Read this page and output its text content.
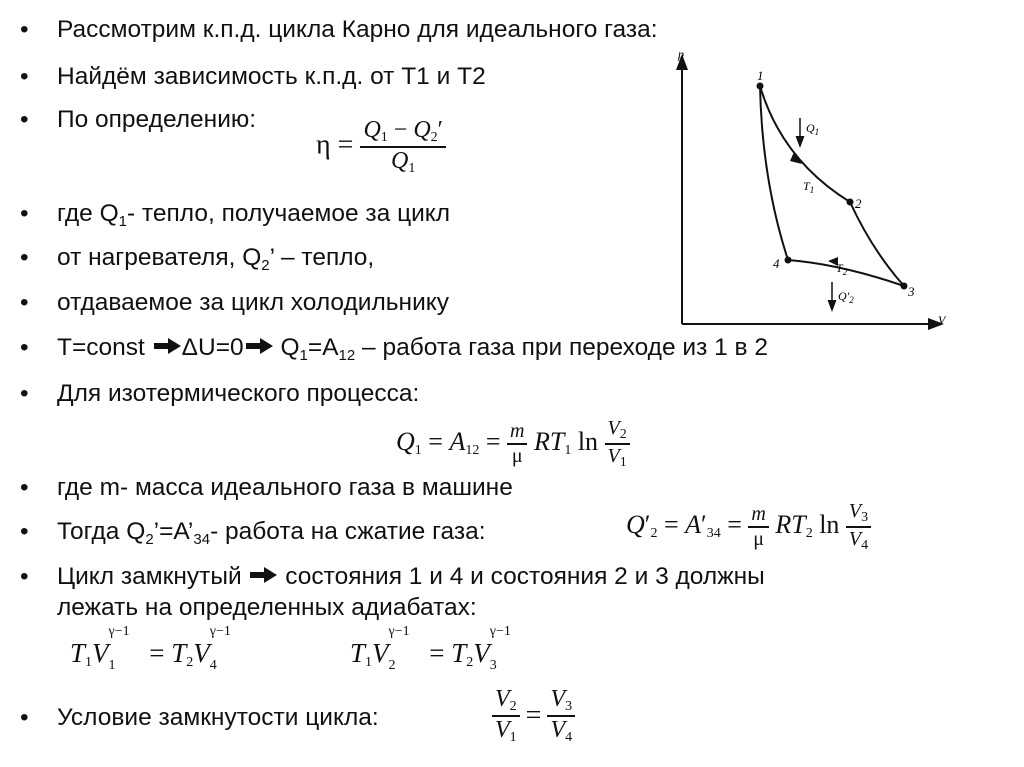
• Рассмотрим к.п.д. цикла Карно для идеального газа:
• Найдём зависимость к.п.д. от Т1 и Т2
• По определению:
$\eta = \frac{Q_1 - Q_2'}{Q_1}$
• где $Q_1-$ тепло, получаемое за цикл
• от нагревателя, $Q_2$’ – тепло,
• отдаваемое за цикл холодильнику
• T=const ΔU=0 $Q_1=A_{12}$ – работа газа при переходе из 1 в 2
• Для изотермического процесса:
$Q_1 = A_{12} = \frac{m}{\mu} RT_1$ $\ln \frac{V_2}{V_1}$
• где m- масса идеального газа в машине
• Тогда $Q_2’=A’_{34}-$ работа на сжатие газа:	$Q'_2 = A'_{34} = \frac{m}{\mu} RT_2$ $\ln \frac{V_3}{V_4}$
• Цикл замкнутый состояния 1 и 4 и состояния 2 и 3 должны
лежать на определенных адиабатах:
$T_1V$
γ−1
$1 = T_2V$
γ−1
4	$T_1V$
γ−1
$2 = T_2V$
γ−1
3
• Условие замкнутости цикла:	$\frac{V_2}{V_1} = \frac{V_3}{V_4}$
p
V
1
2
3
4
$Q_1$
$Q'_2$
$T_1$
$T_2$
